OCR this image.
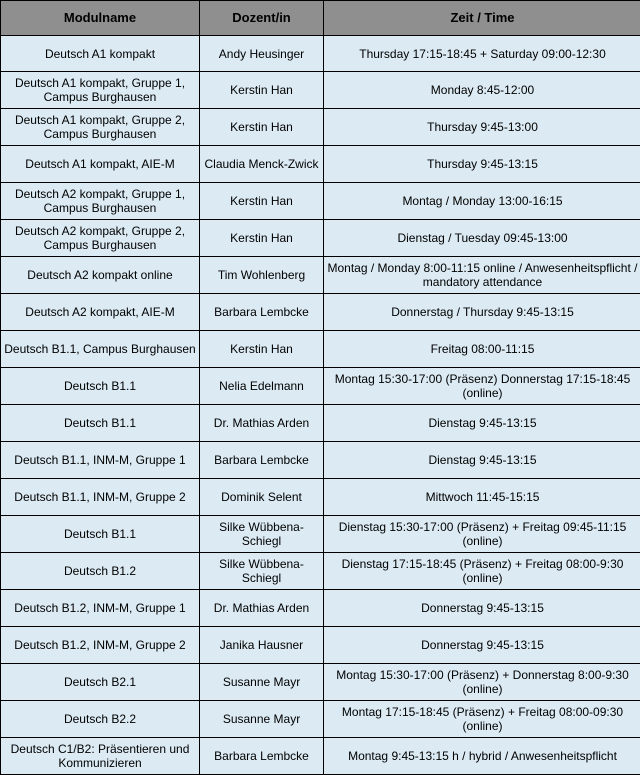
Modulname	Dozent/in	Zeit / Time
Deutsch A1 kompakt	Andy Heusinger	Thursday 17:15-18:45 + Saturday 09:00-12:30
Deutsch A1 kompakt, Gruppe 1, Campus Burghausen	Kerstin Han	Monday 8:45-12:00
Deutsch A1 kompakt, Gruppe 2, Campus Burghausen	Kerstin Han	Thursday 9:45-13:00
Deutsch A1 kompakt, AIE-M	Claudia Menck-Zwick	Thursday 9:45-13:15
Deutsch A2 kompakt, Gruppe 1, Campus Burghausen	Kerstin Han	Montag / Monday 13:00-16:15
Deutsch A2 kompakt, Gruppe 2, Campus Burghausen	Kerstin Han	Dienstag / Tuesday 09:45-13:00
Deutsch A2 kompakt online	Tim Wohlenberg	Montag / Monday 8:00-11:15 online / Anwesenheitspflicht / mandatory attendance
Deutsch A2 kompakt, AIE-M	Barbara Lembcke	Donnerstag / Thursday 9:45-13:15
Deutsch B1.1, Campus Burghausen	Kerstin Han	Freitag 08:00-11:15
Deutsch B1.1	Nelia Edelmann	Montag 15:30-17:00 (Präsenz) Donnerstag 17:15-18:45 (online)
Deutsch B1.1	Dr. Mathias Arden	Dienstag 9:45-13:15
Deutsch B1.1, INM-M, Gruppe 1	Barbara Lembcke	Dienstag 9:45-13:15
Deutsch B1.1, INM-M, Gruppe 2	Dominik Selent	Mittwoch 11:45-15:15
Deutsch B1.1	Silke Wübbena-Schiegl	Dienstag 15:30-17:00 (Präsenz) + Freitag 09:45-11:15 (online)
Deutsch B1.2	Silke Wübbena-Schiegl	Dienstag 17:15-18:45 (Präsenz) + Freitag 08:00-9:30 (online)
Deutsch B1.2, INM-M, Gruppe 1	Dr. Mathias Arden	Donnerstag 9:45-13:15
Deutsch B1.2, INM-M, Gruppe 2	Janika Hausner	Donnerstag 9:45-13:15
Deutsch B2.1	Susanne Mayr	Montag 15:30-17:00 (Präsenz) + Donnerstag 8:00-9:30 (online)
Deutsch B2.2	Susanne Mayr	Montag 17:15-18:45 (Präsenz) + Freitag 08:00-09:30 (online)
Deutsch C1/B2: Präsentieren und Kommunizieren	Barbara Lembcke	Montag 9:45-13:15 h / hybrid / Anwesenheitspflicht
